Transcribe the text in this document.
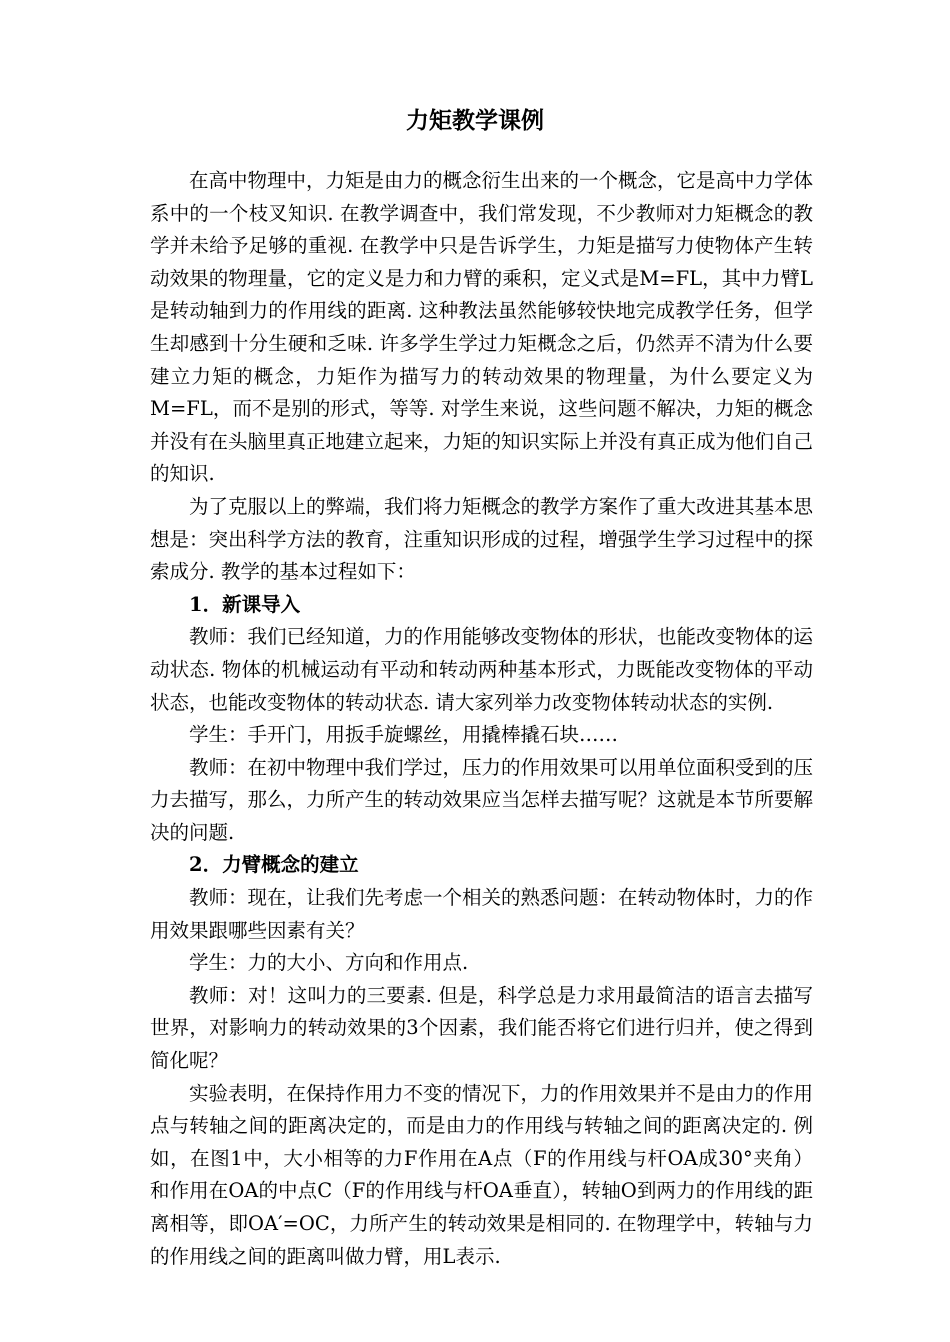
力矩教学课例

在高中物理中，力矩是由力的概念衍生出来的一个概念，它是高中力学体系中的一个枝叉知识. 在教学调查中，我们常发现，不少教师对力矩概念的教学并未给予足够的重视. 在教学中只是告诉学生，力矩是描写力使物体产生转动效果的物理量，它的定义是力和力臂的乘积，定义式是M=FL，其中力臂L是转动轴到力的作用线的距离. 这种教法虽然能够较快地完成教学任务，但学生却感到十分生硬和乏味. 许多学生学过力矩概念之后，仍然弄不清为什么要建立力矩的概念，力矩作为描写力的转动效果的物理量，为什么要定义为M=FL，而不是别的形式，等等. 对学生来说，这些问题不解决，力矩的概念并没有在头脑里真正地建立起来，力矩的知识实际上并没有真正成为他们自己的知识.

为了克服以上的弊端，我们将力矩概念的教学方案作了重大改进其基本思想是：突出科学方法的教育，注重知识形成的过程，增强学生学习过程中的探索成分. 教学的基本过程如下：

1．新课导入

教师：我们已经知道，力的作用能够改变物体的形状，也能改变物体的运动状态. 物体的机械运动有平动和转动两种基本形式，力既能改变物体的平动状态，也能改变物体的转动状态. 请大家列举力改变物体转动状态的实例.

学生：手开门，用扳手旋螺丝，用撬棒撬石块……

教师：在初中物理中我们学过，压力的作用效果可以用单位面积受到的压力去描写，那么，力所产生的转动效果应当怎样去描写呢？这就是本节所要解决的问题.

2．力臂概念的建立

教师：现在，让我们先考虑一个相关的熟悉问题：在转动物体时，力的作用效果跟哪些因素有关？

学生：力的大小、方向和作用点.

教师：对！这叫力的三要素. 但是，科学总是力求用最简洁的语言去描写世界，对影响力的转动效果的3个因素，我们能否将它们进行归并，使之得到简化呢？

实验表明，在保持作用力不变的情况下，力的作用效果并不是由力的作用点与转轴之间的距离决定的，而是由力的作用线与转轴之间的距离决定的. 例如，在图1中，大小相等的力F作用在A点（F的作用线与杆OA成30°夹角）和作用在OA的中点C（F的作用线与杆OA垂直），转轴O到两力的作用线的距离相等，即OA′=OC，力所产生的转动效果是相同的. 在物理学中，转轴与力的作用线之间的距离叫做力臂，用L表示.
